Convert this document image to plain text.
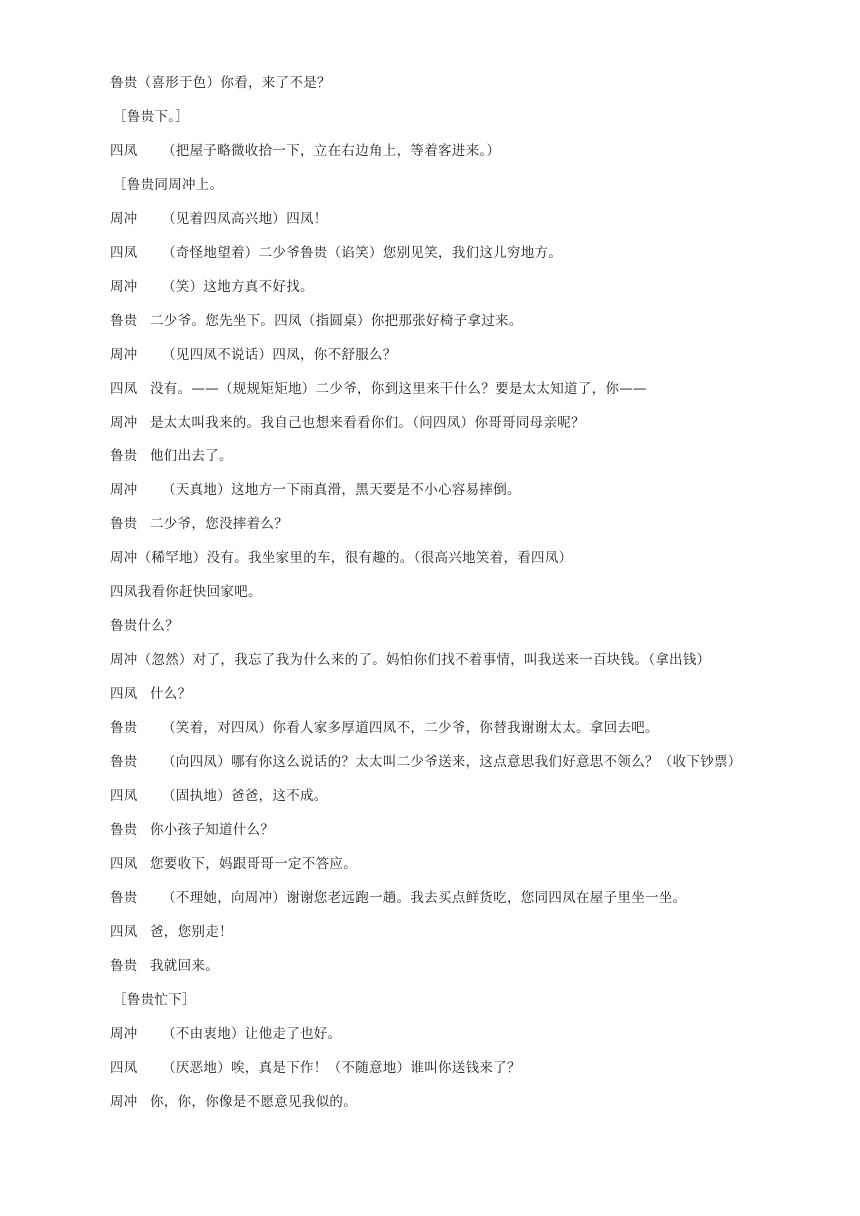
鲁贵（喜形于色）你看，来了不是？
［鲁贵下。］
四凤 （把屋子略微收拾一下，立在右边角上，等着客进来。）
［鲁贵同周冲上。
周冲 （见着四凤高兴地）四凤！
四凤 （奇怪地望着）二少爷鲁贵（谄笑）您别见笑，我们这儿穷地方。
周冲 （笑）这地方真不好找。
鲁贵 二少爷。您先坐下。四凤（指圆桌）你把那张好椅子拿过来。
周冲 （见四凤不说话）四凤，你不舒服么？
四凤 没有。——（规规矩矩地）二少爷，你到这里来干什么？要是太太知道了，你——
周冲 是太太叫我来的。我自己也想来看看你们。（问四凤）你哥哥同母亲呢？
鲁贵 他们出去了。
周冲 （天真地）这地方一下雨真滑，黑天要是不小心容易摔倒。
鲁贵 二少爷，您没摔着么？
周冲（稀罕地）没有。我坐家里的车，很有趣的。（很高兴地笑着，看四凤）
四凤我看你赶快回家吧。
鲁贵什么？
周冲（忽然）对了，我忘了我为什么来的了。妈怕你们找不着事情，叫我送来一百块钱。（拿出钱）
四凤 什么？
鲁贵 （笑着，对四凤）你看人家多厚道四凤不，二少爷，你替我谢谢太太。拿回去吧。
鲁贵 （向四凤）哪有你这么说话的？太太叫二少爷送来，这点意思我们好意思不领么？（收下钞票）
四凤 （固执地）爸爸，这不成。
鲁贵 你小孩子知道什么？
四凤 您要收下，妈跟哥哥一定不答应。
鲁贵 （不理她，向周冲）谢谢您老远跑一趟。我去买点鲜货吃，您同四凤在屋子里坐一坐。
四凤 爸，您别走！
鲁贵 我就回来。
［鲁贵忙下］
周冲 （不由衷地）让他走了也好。
四凤 （厌恶地）唉，真是下作！（不随意地）谁叫你送钱来了？
周冲 你，你，你像是不愿意见我似的。
